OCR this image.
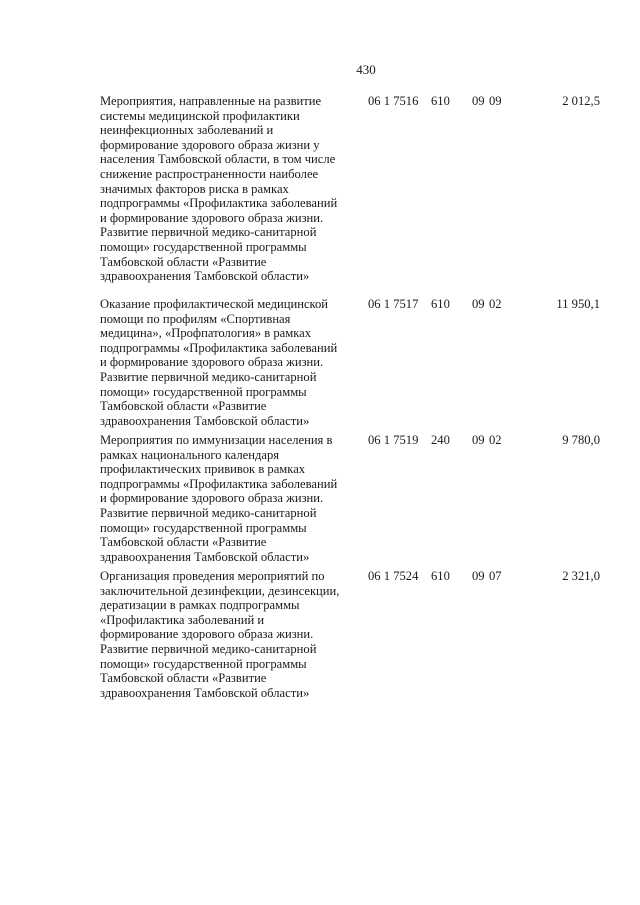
430
Мероприятия, направленные на развитие
системы медицинской профилактики
неинфекционных заболеваний и
формирование здорового образа жизни у
населения Тамбовской области, в том числе
снижение распространенности наиболее
значимых факторов риска в рамках
подпрограммы «Профилактика заболеваний
и формирование здорового образа жизни.
Развитие первичной медико-санитарной
помощи» государственной программы
Тамбовской области «Развитие
здравоохранения Тамбовской области»
06 1 7516 610 09 09	2 012,5
Оказание профилактической медицинской
помощи по профилям «Спортивная
медицина», «Профпатология» в рамках
подпрограммы «Профилактика заболеваний
и формирование здорового образа жизни.
Развитие первичной медико-санитарной
помощи» государственной программы
Тамбовской области «Развитие
здравоохранения Тамбовской области»
06 1 7517 610 09 02	11 950,1
Мероприятия по иммунизации населения в
рамках национального календаря
профилактических прививок в рамках
подпрограммы «Профилактика заболеваний
и формирование здорового образа жизни.
Развитие первичной медико-санитарной
помощи» государственной программы
Тамбовской области «Развитие
здравоохранения Тамбовской области»
06 1 7519 240 09 02	9 780,0
Организация проведения мероприятий по
заключительной дезинфекции, дезинсекции,
дератизации в рамках подпрограммы
«Профилактика заболеваний и
формирование здорового образа жизни.
Развитие первичной медико-санитарной
помощи» государственной программы
Тамбовской области «Развитие
здравоохранения Тамбовской области»
06 1 7524 610 09 07	2 321,0
